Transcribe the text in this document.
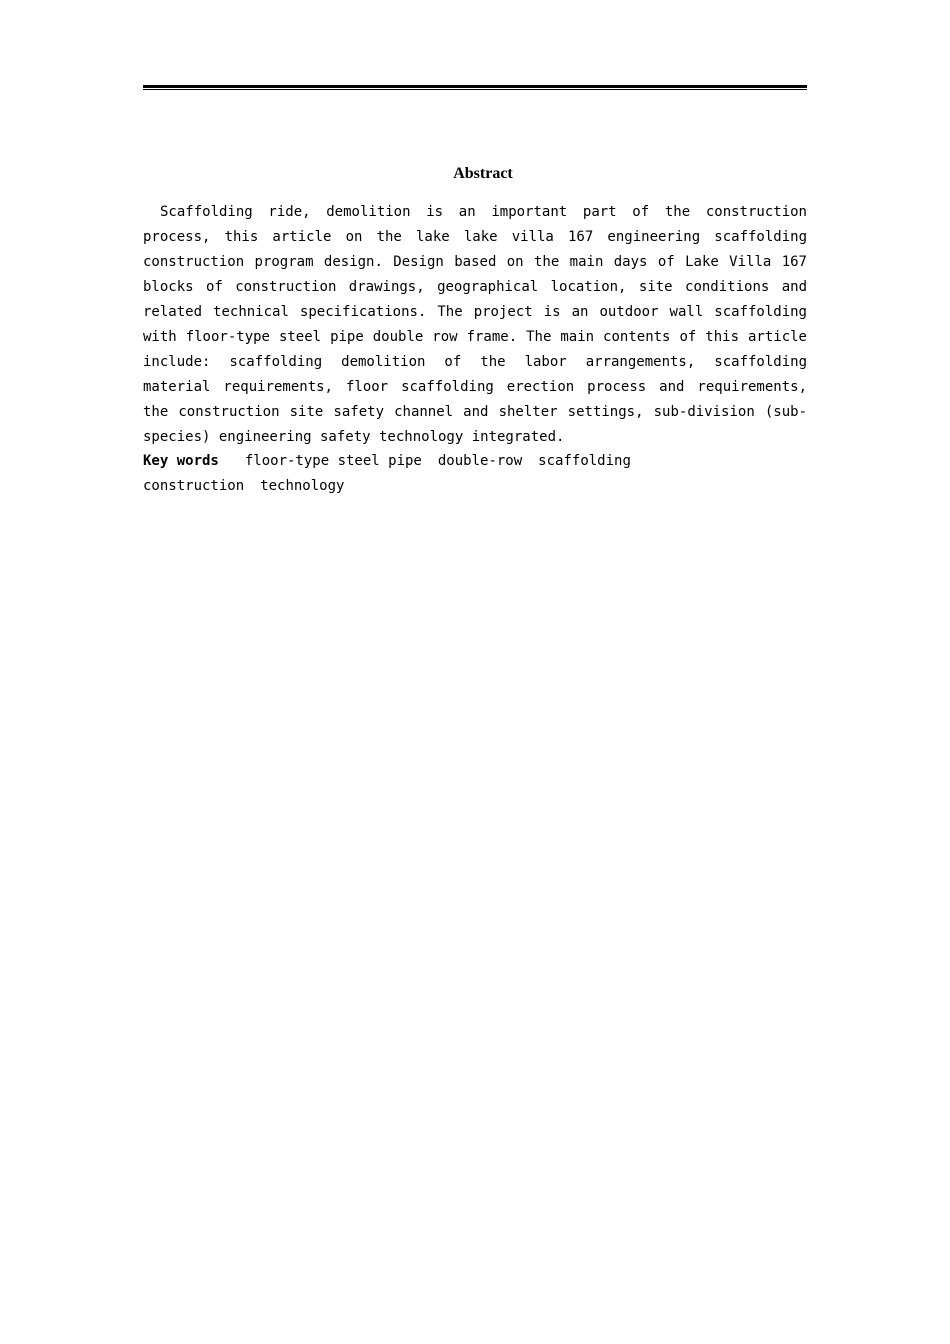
Abstract

Scaffolding ride, demolition is an important part of the construction process, this article on the lake lake villa 167 engineering scaffolding construction program design. Design based on the main days of Lake Villa 167 blocks of construction drawings, geographical location, site conditions and related technical specifications. The project is an outdoor wall scaffolding with floor-type steel pipe double row frame. The main contents of this article include: scaffolding demolition of the labor arrangements, scaffolding material requirements, floor scaffolding erection process and requirements, the construction site safety channel and shelter settings, sub-division (sub-species) engineering safety technology integrated.

Key words floor-type steel pipe double-row scaffolding construction technology
